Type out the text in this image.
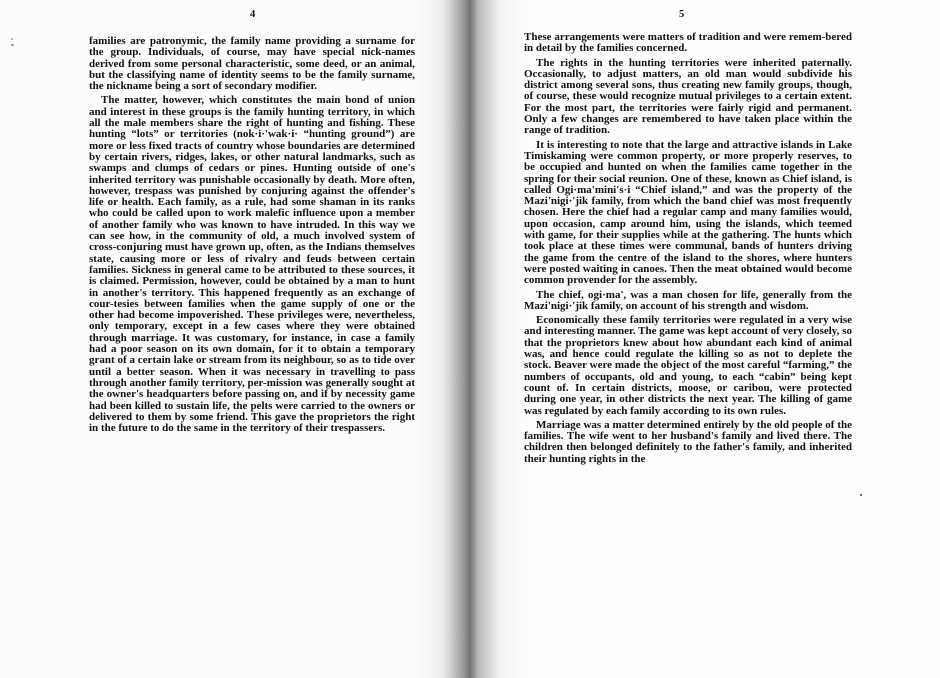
4

families are patronymic, the family name providing a surname for the group. Individuals, of course, may have special nick-names derived from some personal characteristic, some deed, or an animal, but the classifying name of identity seems to be the family surname, the nickname being a sort of secondary modifier.

The matter, however, which constitutes the main bond of union and interest in these groups is the family hunting territory, in which all the male members share the right of hunting and fishing. These hunting “lots” or territories (nok·i·'wak·i· “hunting ground”) are more or less fixed tracts of country whose boundaries are determined by certain rivers, ridges, lakes, or other natural landmarks, such as swamps and clumps of cedars or pines. Hunting outside of one's inherited territory was punishable occasionally by death. More often, however, trespass was punished by conjuring against the offender's life or health. Each family, as a rule, had some shaman in its ranks who could be called upon to work malefic influence upon a member of another family who was known to have intruded. In this way we can see how, in the community of old, a much involved system of cross-conjuring must have grown up, often, as the Indians themselves state, causing more or less of rivalry and feuds between certain families. Sickness in general came to be attributed to these sources, it is claimed. Permission, however, could be obtained by a man to hunt in another's territory. This happened frequently as an exchange of cour-tesies between families when the game supply of one or the other had become impoverished. These privileges were, nevertheless, only temporary, except in a few cases where they were obtained through marriage. It was customary, for instance, in case a family had a poor season on its own domain, for it to obtain a temporary grant of a certain lake or stream from its neighbour, so as to tide over until a better season. When it was necessary in travelling to pass through another family territory, per-mission was generally sought at the owner's headquarters before passing on, and if by necessity game had been killed to sustain life, the pelts were carried to the owners or delivered to them by some friend. This gave the proprietors the right in the future to do the same in the territory of their trespassers.

5

These arrangements were matters of tradition and were remem-bered in detail by the families concerned.

The rights in the hunting territories were inherited paternally. Occasionally, to adjust matters, an old man would subdivide his district among several sons, thus creating new family groups, though, of course, these would recognize mutual privileges to a certain extent. For the most part, the territories were fairly rigid and permanent. Only a few changes are remembered to have taken place within the range of tradition.

It is interesting to note that the large and attractive islands in Lake Timiskaming were common property, or more properly reserves, to be occupied and hunted on when the families came together in the spring for their social reunion. One of these, known as Chief island, is called Ogi·ma'mini's·i “Chief island,” and was the property of the Mazi'nigi·'jik family, from which the band chief was most frequently chosen. Here the chief had a regular camp and many families would, upon occasion, camp around him, using the islands, which teemed with game, for their supplies while at the gathering. The hunts which took place at these times were communal, bands of hunters driving the game from the centre of the island to the shores, where hunters were posted waiting in canoes. Then the meat obtained would become common provender for the assembly.

The chief, ogi·ma', was a man chosen for life, generally from the Mazi'nigi·'jik family, on account of his strength and wisdom.

Economically these family territories were regulated in a very wise and interesting manner. The game was kept account of very closely, so that the proprietors knew about how abundant each kind of animal was, and hence could regulate the killing so as not to deplete the stock. Beaver were made the object of the most careful “farming,” the numbers of occupants, old and young, to each “cabin” being kept count of. In certain districts, moose, or caribou, were protected during one year, in other districts the next year. The killing of game was regulated by each family according to its own rules.

Marriage was a matter determined entirely by the old people of the families. The wife went to her husband's family and lived there. The children then belonged definitely to the father's family, and inherited their hunting rights in the
